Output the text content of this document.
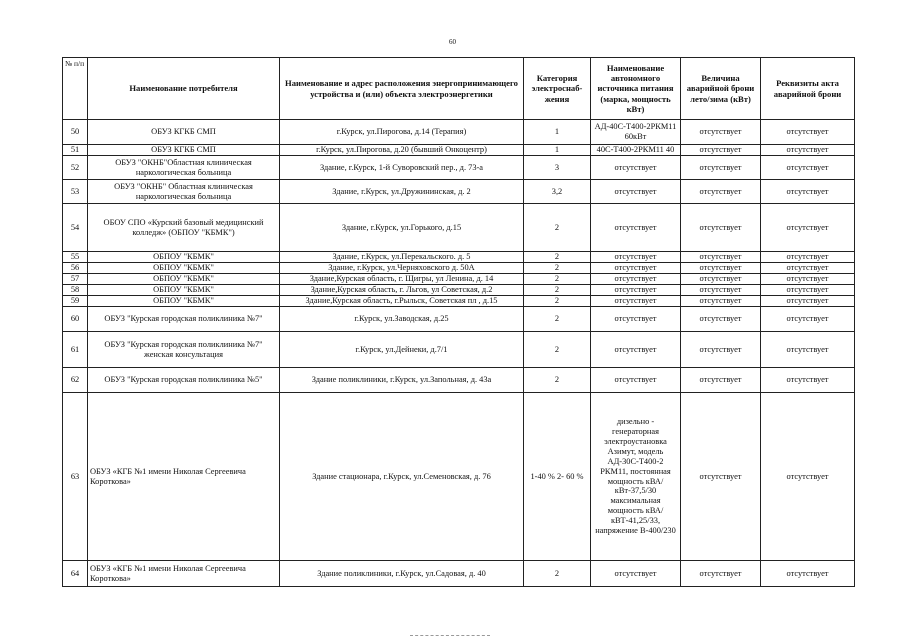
60
№ п/п	Наименование потребителя	Наименование и адрес расположения энергопринимающего устройства и (или) объекта электроэнергетики	Категория электроснаб-жения	Наименование автономного источника питания (марка, мощность кВт)	Величина аварийной брони лето/зима (кВт)	Реквизиты акта аварийной брони
50	ОБУЗ КГКБ СМП	г.Курск, ул.Пирогова, д.14 (Терапия)	1	АД-40С-Т400-2РКМ11 60кВт	отсутствует	отсутствует
51	ОБУЗ КГКБ СМП	г.Курск, ул.Пирогова, д.20 (бывший Онкоцентр)	1	40С-Т400-2РКМ11 40	отсутствует	отсутствует
52	ОБУЗ "ОКНБ"Областная клиническая наркологическая больница	Здание, г.Курск, 1-й Суворовский пер., д. 73-а	3	отсутствует	отсутствует	отсутствует
53	ОБУЗ "ОКНБ" Областная клиническая наркологическая больница	Здание, г.Курск, ул.Дружининская, д. 2	3,2	отсутствует	отсутствует	отсутствует
54	ОБОУ СПО «Курский базовый медицинский колледж» (ОБПОУ "КБМК")	Здание, г.Курск, ул.Горького, д.15	2	отсутствует	отсутствует	отсутствует
55	ОБПОУ "КБМК"	Здание, г.Курск, ул.Перекальского. д. 5	2	отсутствует	отсутствует	отсутствует
56	ОБПОУ "КБМК"	Здание, г.Курск, ул.Черняховского д. 50А	2	отсутствует	отсутствует	отсутствует
57	ОБПОУ "КБМК"	Здание,Курская область, г. Щигры, ул Ленина, д. 14	2	отсутствует	отсутствует	отсутствует
58	ОБПОУ "КБМК"	Здание,Курская область, г. Льгов, ул Советская, д.2	2	отсутствует	отсутствует	отсутствует
59	ОБПОУ "КБМК"	Здание,Курская область, г.Рыльск, Советская пл , д.15	2	отсутствует	отсутствует	отсутствует
60	ОБУЗ "Курская городская поликлиника №7"	г.Курск, ул.Заводская, д.25	2	отсутствует	отсутствует	отсутствует
61	ОБУЗ "Курская городская поликлиника №7" женская консультация	г.Курск, ул.Дейнеки, д.7/1	2	отсутствует	отсутствует	отсутствует
62	ОБУЗ "Курская городская поликлиника №5"	Здание поликлиники, г.Курск, ул.Запольная, д. 43а	2	отсутствует	отсутствует	отсутствует
63	ОБУЗ «КГБ №1 имени Николая Сергеевича Короткова»	Здание стационара, г.Курск, ул.Семеновская, д. 76	1-40 % 2- 60 %	дизельно - генераторная электроустановка Азимут, модель АД-30С-Т400-2 РКМ11, постоянная мощность кВА/кВт-37,5/30 максимальная мощность кВА/кВТ-41,25/33, напряжение В-400/230	отсутствует	отсутствует
64	ОБУЗ «КГБ №1 имени Николая Сергеевича Короткова»	Здание поликлиники, г.Курск, ул.Садовая, д. 40	2	отсутствует	отсутствует	отсутствует
